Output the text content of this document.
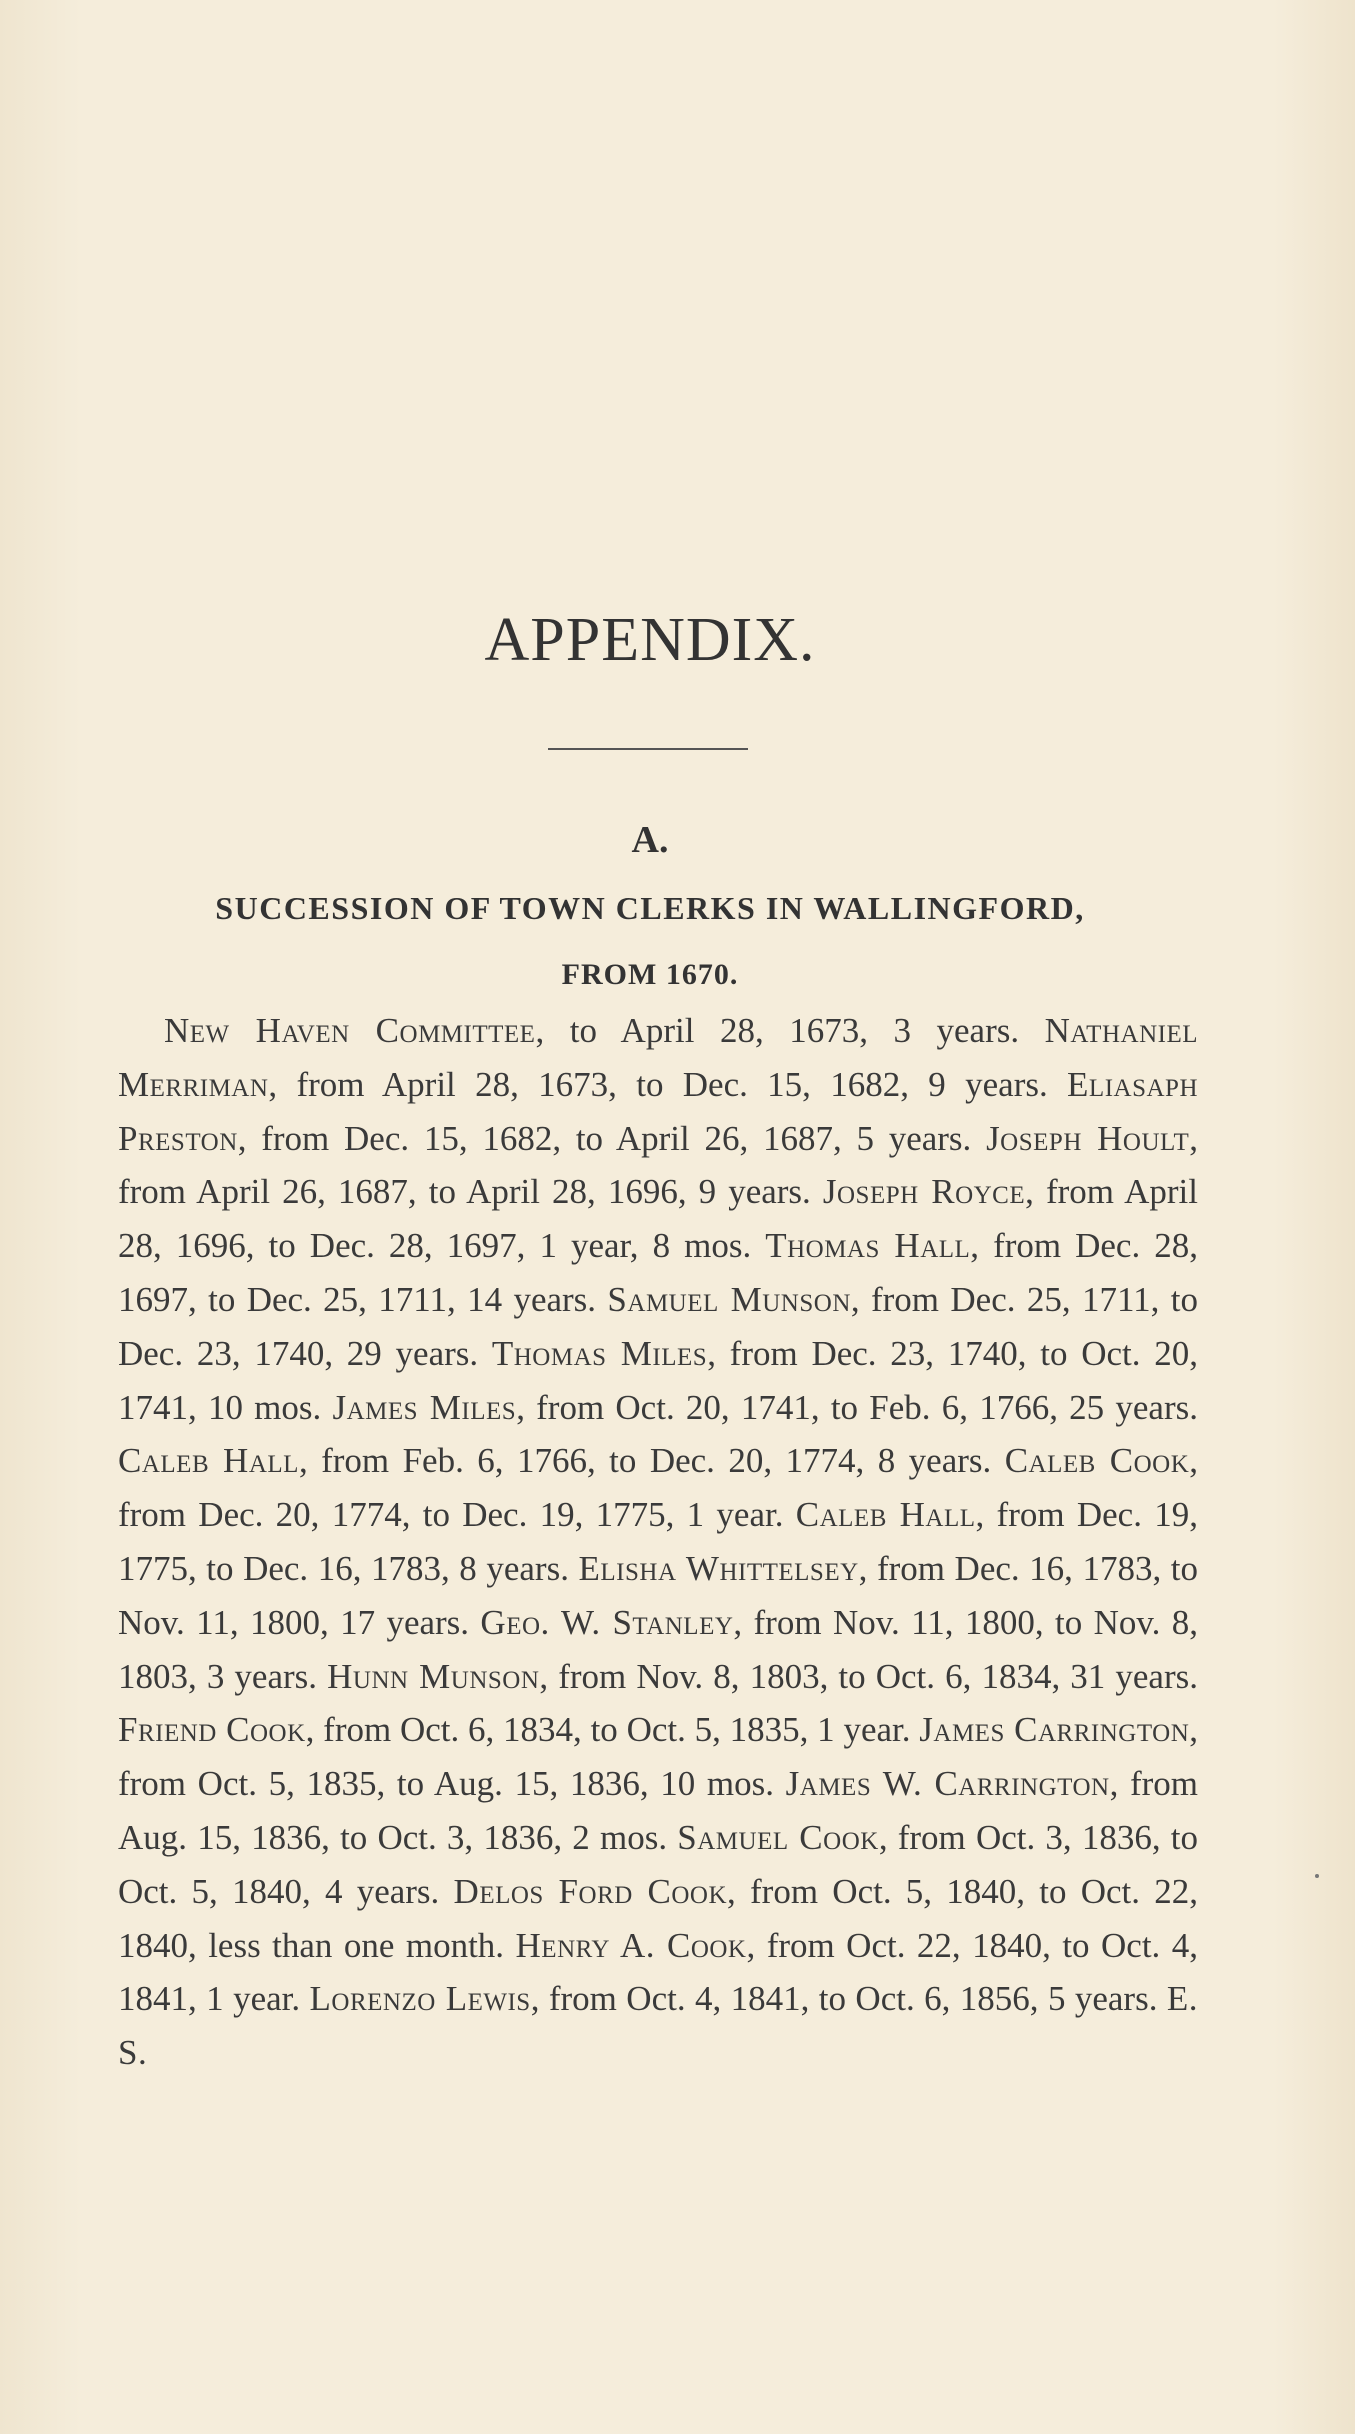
APPENDIX.
A.
SUCCESSION OF TOWN CLERKS IN WALLINGFORD,
FROM 1670.

New Haven Committee, to April 28, 1673, 3 years. Nathaniel Merriman, from April 28, 1673, to Dec. 15, 1682, 9 years. Eliasaph Preston, from Dec. 15, 1682, to April 26, 1687, 5 years. Joseph Hoult, from April 26, 1687, to April 28, 1696, 9 years. Joseph Royce, from April 28, 1696, to Dec. 28, 1697, 1 year, 8 mos. Thomas Hall, from Dec. 28, 1697, to Dec. 25, 1711, 14 years. Samuel Munson, from Dec. 25, 1711, to Dec. 23, 1740, 29 years. Thomas Miles, from Dec. 23, 1740, to Oct. 20, 1741, 10 mos. James Miles, from Oct. 20, 1741, to Feb. 6, 1766, 25 years. Caleb Hall, from Feb. 6, 1766, to Dec. 20, 1774, 8 years. Caleb Cook, from Dec. 20, 1774, to Dec. 19, 1775, 1 year. Caleb Hall, from Dec. 19, 1775, to Dec. 16, 1783, 8 years. Elisha Whittelsey, from Dec. 16, 1783, to Nov. 11, 1800, 17 years. Geo. W. Stanley, from Nov. 11, 1800, to Nov. 8, 1803, 3 years. Hunn Munson, from Nov. 8, 1803, to Oct. 6, 1834, 31 years. Friend Cook, from Oct. 6, 1834, to Oct. 5, 1835, 1 year. James Carrington, from Oct. 5, 1835, to Aug. 15, 1836, 10 mos. James W. Carrington, from Aug. 15, 1836, to Oct. 3, 1836, 2 mos. Samuel Cook, from Oct. 3, 1836, to Oct. 5, 1840, 4 years. Delos Ford Cook, from Oct. 5, 1840, to Oct. 22, 1840, less than one month. Henry A. Cook, from Oct. 22, 1840, to Oct. 4, 1841, 1 year. Lorenzo Lewis, from Oct. 4, 1841, to Oct. 6, 1856, 5 years. E. S.
